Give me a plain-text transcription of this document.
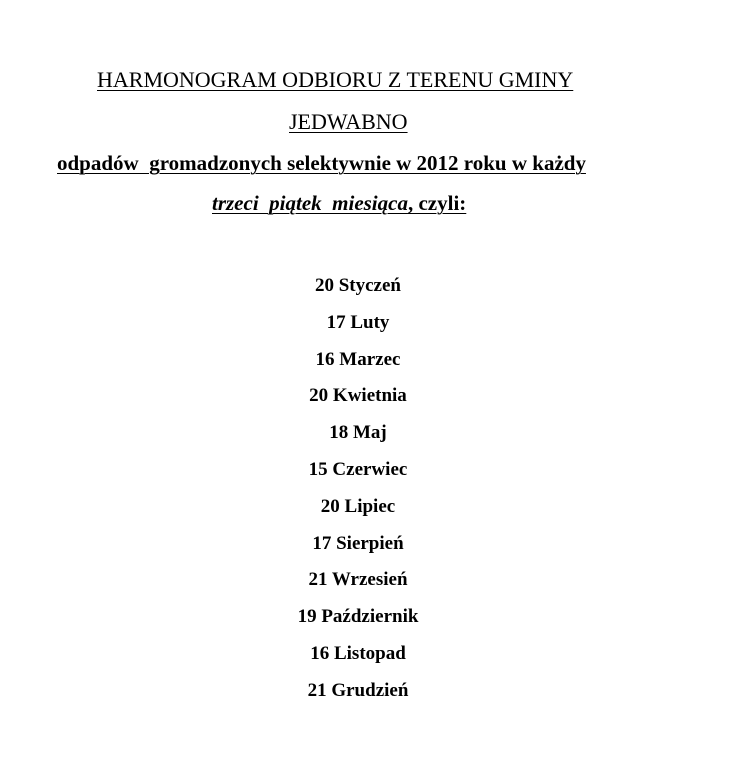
HARMONOGRAM ODBIORU Z TERENU GMINY
JEDWABNO
odpadów  gromadzonych selektywnie w 2012 roku w każdy
trzeci  piątek  miesiąca, czyli:
20 Styczeń
17 Luty
16 Marzec
20 Kwietnia
18 Maj
15 Czerwiec
20 Lipiec
17 Sierpień
21 Wrzesień
19 Październik
16 Listopad
21 Grudzień
